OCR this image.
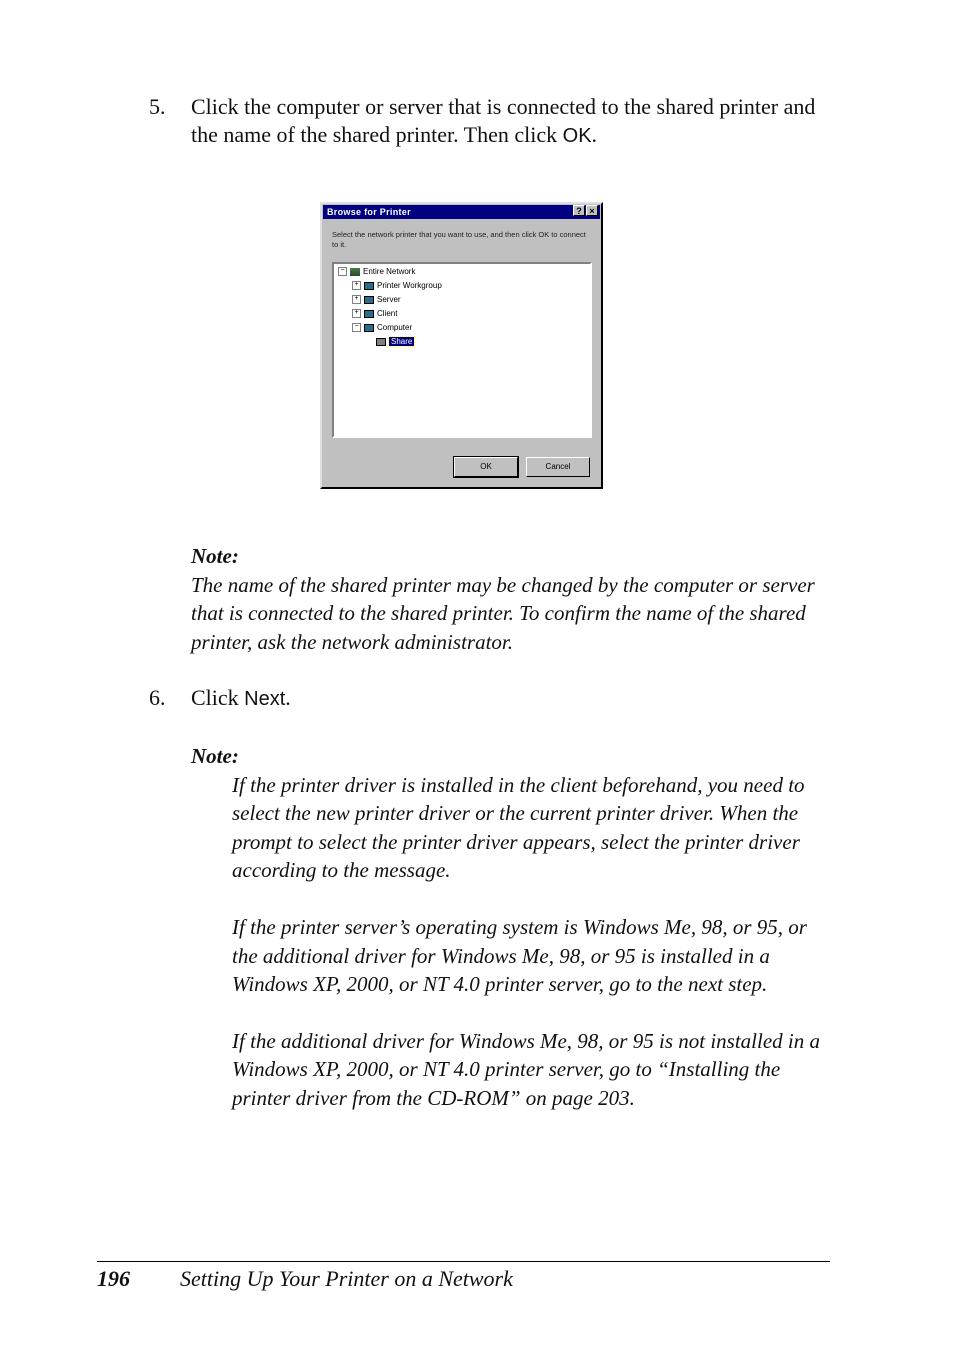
5. Click the computer or server that is connected to the shared printer and the name of the shared printer. Then click OK.
Browse for Printer	? ×
Select the network printer that you want to use, and then click OK to connect to it.
− Entire Network
+ Printer Workgroup
+ Server
+ Client
− Computer
Share
OK	Cancel
Note:
The name of the shared printer may be changed by the computer or server that is connected to the shared printer. To confirm the name of the shared printer, ask the network administrator.
6. Click Next.
Note:

If the printer driver is installed in the client beforehand, you need to select the new printer driver or the current printer driver. When the prompt to select the printer driver appears, select the printer driver according to the message.

If the printer server’s operating system is Windows Me, 98, or 95, or the additional driver for Windows Me, 98, or 95 is installed in a Windows XP, 2000, or NT 4.0 printer server, go to the next step.

If the additional driver for Windows Me, 98, or 95 is not installed in a Windows XP, 2000, or NT 4.0 printer server, go to “Installing the printer driver from the CD-ROM” on page 203.

196 Setting Up Your Printer on a Network
